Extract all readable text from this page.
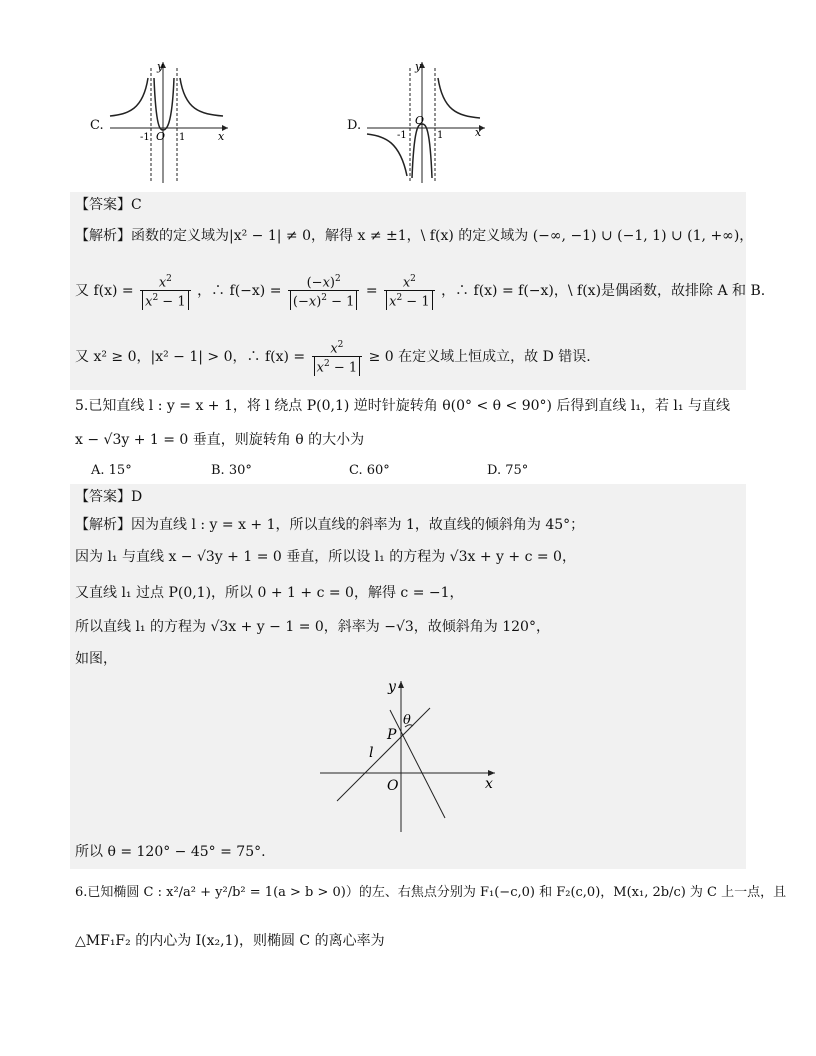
C.
y
x
O
-1	1
D.
y
x
O
-1	1
【答案】C
【解析】函数的定义域为|x² − 1| ≠ 0，解得 x ≠ ±1，\ f(x) 的定义域为 (−∞, −1) ∪ (−1, 1) ∪ (1, +∞)，
又 $f(x) = \frac{x^2}{x^2 - 1}$ ，∴ $f(-x) = \frac{(-x)^2}{(-x)^2 - 1} = \frac{x^2}{x^2 - 1}$ ，∴ f(x) = f(−x)，\ f(x)是偶函数，故排除 A 和 B.
又 x² ≥ 0，|x² − 1| > 0，∴ $f(x) = \frac{x^2}{x^2 - 1} \ge 0$ 在定义域上恒成立，故 D 错误.
5.已知直线 l : y = x + 1，将 l 绕点 P(0,1) 逆时针旋转角 θ(0° < θ < 90°) 后得到直线 l₁，若 l₁ 与直线
x − √3y + 1 = 0 垂直，则旋转角 θ 的大小为
A. 15°	B. 30°	C. 60°	D. 75°
【答案】D
【解析】因为直线 l : y = x + 1，所以直线的斜率为 1，故直线的倾斜角为 45°；
因为 l₁ 与直线 x − √3y + 1 = 0 垂直，所以设 l₁ 的方程为 √3x + y + c = 0，
又直线 l₁ 过点 P(0,1)，所以 0 + 1 + c = 0，解得 c = −1，
所以直线 l₁ 的方程为 √3x + y − 1 = 0，斜率为 −√3，故倾斜角为 120°，
如图，
y
x
O
P
θ
l
所以 θ = 120° − 45° = 75°.
6.已知椭圆 C : x²/a² + y²/b² = 1(a > b > 0)）的左、右焦点分别为 F₁(−c,0) 和 F₂(c,0)，M(x₁, 2b/c) 为 C 上一点，且
△MF₁F₂ 的内心为 I(x₂,1)，则椭圆 C 的离心率为
